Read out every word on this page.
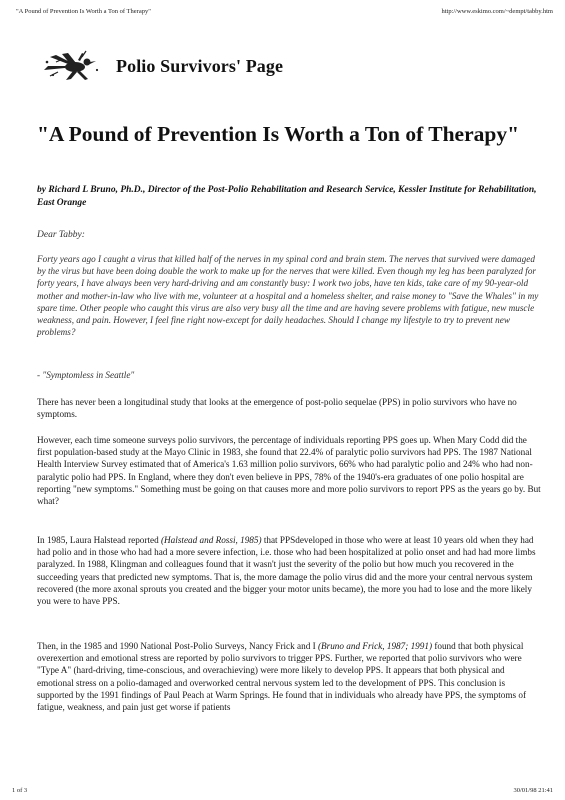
"A Pound of Prevention Is Worth a Ton of Therapy"	http://www.eskimo.com/~dempt/tabby.htm
Polio Survivors' Page
"A Pound of Prevention Is Worth a Ton of Therapy"

by Richard L Bruno, Ph.D., Director of the Post-Polio Rehabilitation and Research Service, Kessler Institute for Rehabilitation, East Orange

Dear Tabby:

Forty years ago I caught a virus that killed half of the nerves in my spinal cord and brain stem. The nerves that survived were damaged by the virus but have been doing double the work to make up for the nerves that were killed. Even though my leg has been paralyzed for forty years, I have always been very hard-driving and am constantly busy: I work two jobs, have ten kids, take care of my 90-year-old mother and mother-in-law who live with me, volunteer at a hospital and a homeless shelter, and raise money to "Save the Whales" in my spare time. Other people who caught this virus are also very busy all the time and are having severe problems with fatigue, new muscle weakness, and pain. However, I feel fine right now-except for daily headaches. Should I change my lifestyle to try to prevent new problems?

- "Symptomless in Seattle"

There has never been a longitudinal study that looks at the emergence of post-polio sequelae (PPS) in polio survivors who have no symptoms.

However, each time someone surveys polio survivors, the percentage of individuals reporting PPS goes up. When Mary Codd did the first population-based study at the Mayo Clinic in 1983, she found that 22.4% of paralytic polio survivors had PPS. The 1987 National Health Interview Survey estimated that of America's 1.63 million polio survivors, 66% who had paralytic polio and 24% who had non-paralytic polio had PPS. In England, where they don't even believe in PPS, 78% of the 1940's-era graduates of one polio hospital are reporting "new symptoms." Something must be going on that causes more and more polio survivors to report PPS as the years go by. But what?

In 1985, Laura Halstead reported (Halstead and Rossi, 1985) that PPSdeveloped in those who were at least 10 years old when they had had polio and in those who had had a more severe infection, i.e. those who had been hospitalized at polio onset and had had more limbs paralyzed. In 1988, Klingman and colleagues found that it wasn't just the severity of the polio but how much you recovered in the succeeding years that predicted new symptoms. That is, the more damage the polio virus did and the more your central nervous system recovered (the more axonal sprouts you created and the bigger your motor units became), the more you had to lose and the more likely you were to have PPS.

Then, in the 1985 and 1990 National Post-Polio Surveys, Nancy Frick and I (Bruno and Frick, 1987; 1991) found that both physical overexertion and emotional stress are reported by polio survivors to trigger PPS. Further, we reported that polio survivors who were "Type A" (hard-driving, time-conscious, and overachieving) were more likely to develop PPS. It appears that both physical and emotional stress on a polio-damaged and overworked central nervous system led to the development of PPS. This conclusion is supported by the 1991 findings of Paul Peach at Warm Springs. He found that in individuals who already have PPS, the symptoms of fatigue, weakness, and pain just get worse if patients

1 of 3	30/01/98 21:41
